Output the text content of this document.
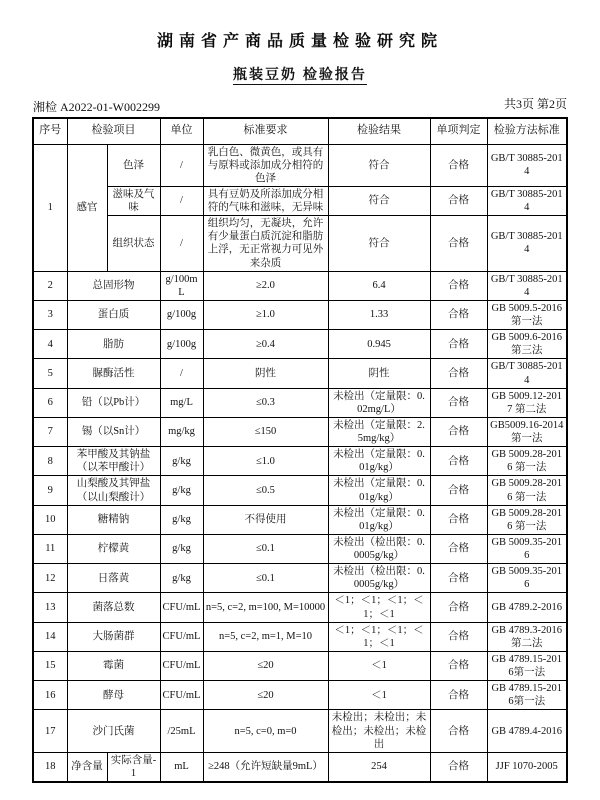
湖南省产商品质量检验研究院
瓶装豆奶 检验报告
湘检 A2022-01-W002299	共3页 第2页
序号	检验项目		单位	标准要求	检验结果	单项判定	检验方法标准
1	感官	色泽	/	乳白色、微黄色，或具有与原料或添加成分相符的色泽	符合	合格	GB/T 30885-2014
		滋味及气味	/	具有豆奶及所添加成分相符的气味和滋味，无异味	符合	合格	GB/T 30885-2014
		组织状态	/	组织均匀，无凝块，允许有少量蛋白质沉淀和脂肪上浮，无正常视力可见外来杂质	符合	合格	GB/T 30885-2014
2	总固形物		g/100mL	≥2.0	6.4	合格	GB/T 30885-2014
3	蛋白质		g/100g	≥1.0	1.33	合格	GB 5009.5-2016第一法
4	脂肪		g/100g	≥0.4	0.945	合格	GB 5009.6-2016第三法
5	脲酶活性		/	阴性	阴性	合格	GB/T 30885-2014
6	铅（以Pb计）		mg/L	≤0.3	未检出（定量限：0.02mg/L）	合格	GB 5009.12-2017 第二法
7	锡（以Sn计）		mg/kg	≤150	未检出（定量限：2.5mg/kg）	合格	GB5009.16-2014第一法
8	苯甲酸及其钠盐（以苯甲酸计）		g/kg	≤1.0	未检出（定量限：0.01g/kg）	合格	GB 5009.28-2016 第一法
9	山梨酸及其钾盐（以山梨酸计）		g/kg	≤0.5	未检出（定量限：0.01g/kg）	合格	GB 5009.28-2016 第一法
10	糖精钠		g/kg	不得使用	未检出（定量限：0.01g/kg）	合格	GB 5009.28-2016 第一法
11	柠檬黄		g/kg	≤0.1	未检出（检出限：0.0005g/kg）	合格	GB 5009.35-2016
12	日落黄		g/kg	≤0.1	未检出（检出限：0.0005g/kg）	合格	GB 5009.35-2016
13	菌落总数		CFU/mL	n=5, c=2, m=100, M=10000	＜1；＜1；＜1；＜1；＜1	合格	GB 4789.2-2016
14	大肠菌群		CFU/mL	n=5, c=2, m=1, M=10	＜1；＜1；＜1；＜1；＜1	合格	GB 4789.3-2016第二法
15	霉菌		CFU/mL	≤20	＜1	合格	GB 4789.15-2016第一法
16	酵母		CFU/mL	≤20	＜1	合格	GB 4789.15-2016第一法
17	沙门氏菌		/25mL	n=5, c=0, m=0	未检出；未检出；未检出；未检出；未检出	合格	GB 4789.4-2016
18	净含量	实际含量-1	mL	≥248（允许短缺量9mL）	254	合格	JJF 1070-2005
